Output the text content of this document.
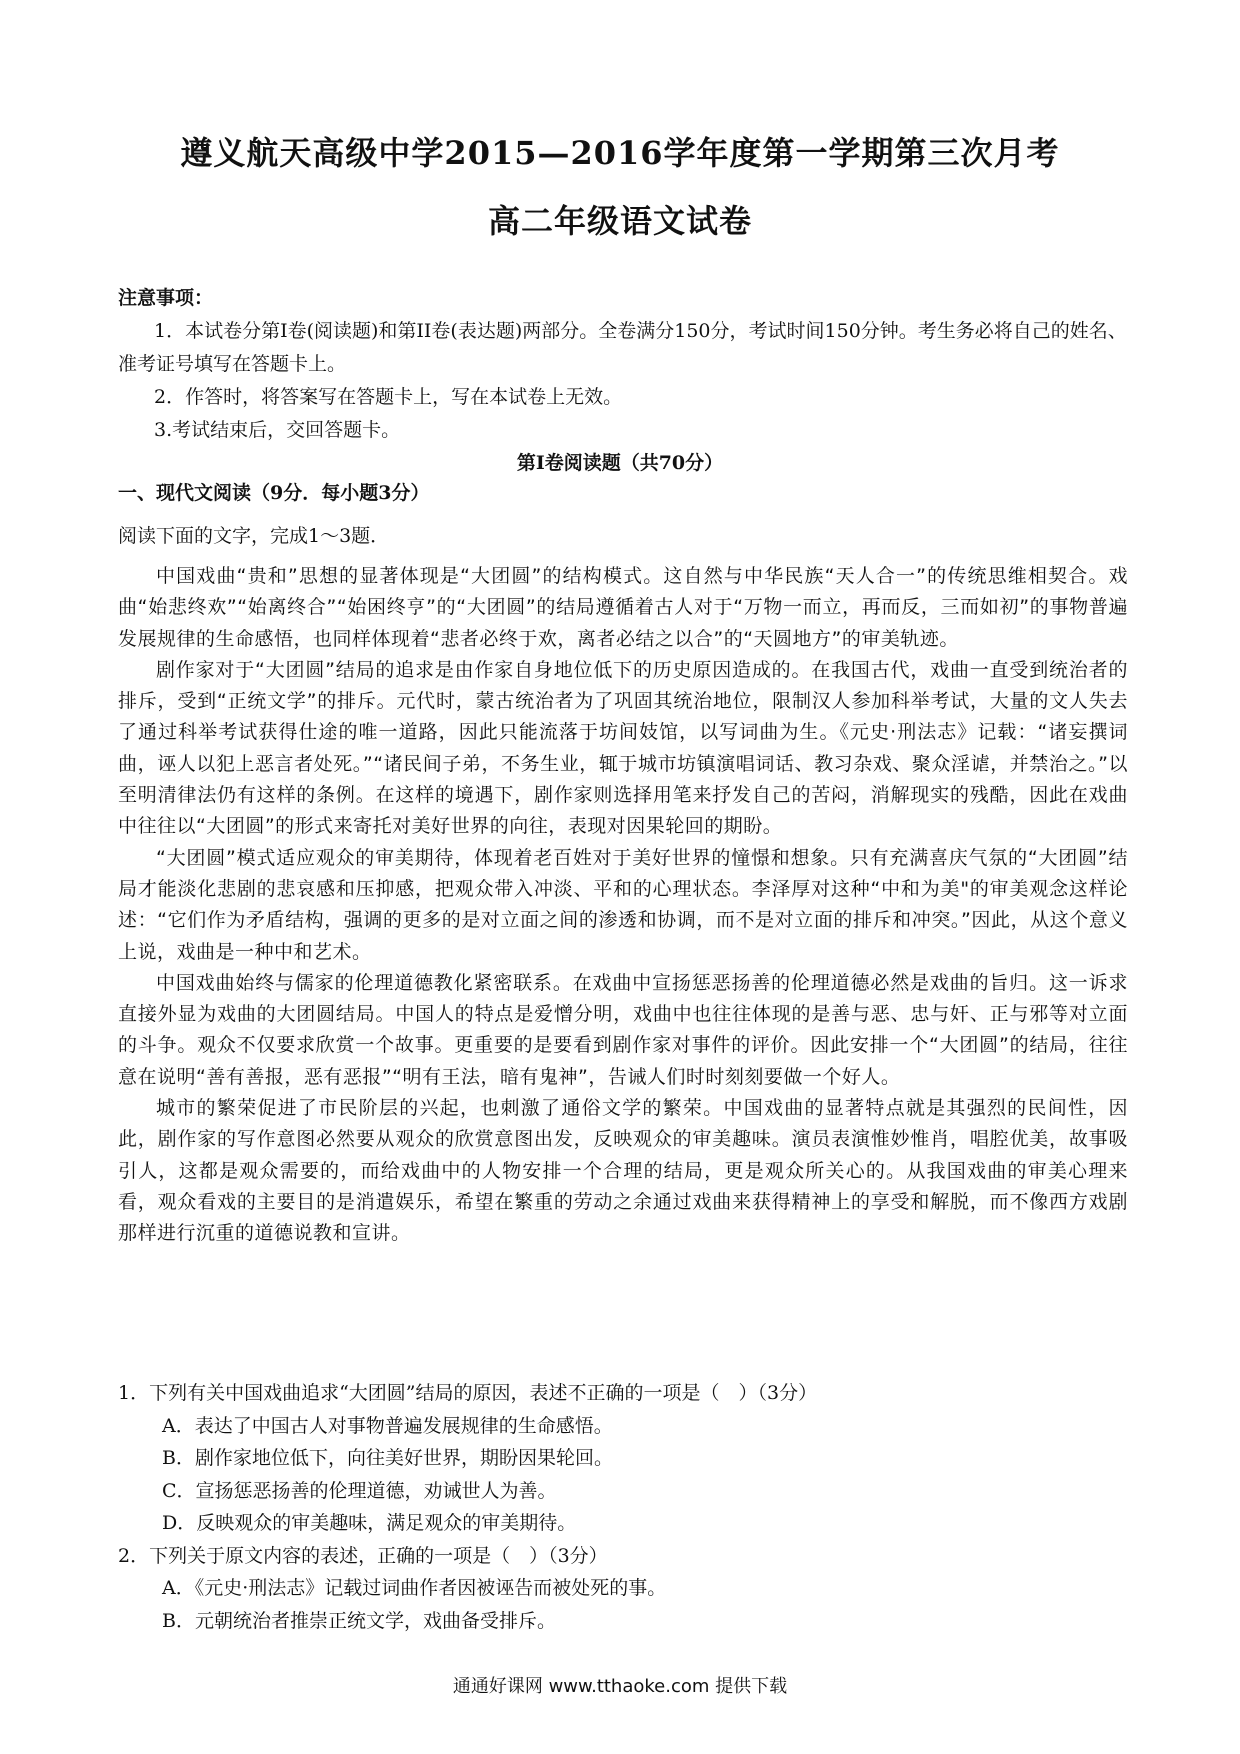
遵义航天高级中学2015—2016学年度第一学期第三次月考
高二年级语文试卷

注意事项：

1．本试卷分第Ⅰ卷(阅读题)和第II卷(表达题)两部分。全卷满分150分，考试时间150分钟。考生务必将自己的姓名、准考证号填写在答题卡上。

2．作答时，将答案写在答题卡上，写在本试卷上无效。

3.考试结束后，交回答题卡。

第Ⅰ卷阅读题（共70分）
一、现代文阅读（9分．每小题3分）
阅读下面的文字，完成1～3题．

中国戏曲“贵和”思想的显著体现是“大团圆”的结构模式。这自然与中华民族“天人合一”的传统思维相契合。戏曲“始悲终欢”“始离终合”“始困终亨”的“大团圆”的结局遵循着古人对于“万物一而立，再而反，三而如初”的事物普遍发展规律的生命感悟，也同样体现着“悲者必终于欢，离者必结之以合”的“天圆地方”的审美轨迹。

剧作家对于“大团圆”结局的追求是由作家自身地位低下的历史原因造成的。在我国古代，戏曲一直受到统治者的排斥，受到“正统文学”的排斥。元代时，蒙古统治者为了巩固其统治地位，限制汉人参加科举考试，大量的文人失去了通过科举考试获得仕途的唯一道路，因此只能流落于坊间妓馆，以写词曲为生。《元史·刑法志》记载：“诸妄撰词曲，诬人以犯上恶言者处死。”“诸民间子弟，不务生业，辄于城市坊镇演唱词话、教习杂戏、聚众淫谑，并禁治之。”以至明清律法仍有这样的条例。在这样的境遇下，剧作家则选择用笔来抒发自己的苦闷，消解现实的残酷，因此在戏曲中往往以“大团圆”的形式来寄托对美好世界的向往，表现对因果轮回的期盼。

“大团圆”模式适应观众的审美期待，体现着老百姓对于美好世界的憧憬和想象。只有充满喜庆气氛的“大团圆”结局才能淡化悲剧的悲哀感和压抑感，把观众带入冲淡、平和的心理状态。李泽厚对这种“中和为美"的审美观念这样论述：“它们作为矛盾结构，强调的更多的是对立面之间的渗透和协调，而不是对立面的排斥和冲突。”因此，从这个意义上说，戏曲是一种中和艺术。

中国戏曲始终与儒家的伦理道德教化紧密联系。在戏曲中宣扬惩恶扬善的伦理道德必然是戏曲的旨归。这一诉求直接外显为戏曲的大团圆结局。中国人的特点是爱憎分明，戏曲中也往往体现的是善与恶、忠与奸、正与邪等对立面的斗争。观众不仅要求欣赏一个故事。更重要的是要看到剧作家对事件的评价。因此安排一个“大团圆”的结局，往往意在说明“善有善报，恶有恶报”“明有王法，暗有鬼神”，告诫人们时时刻刻要做一个好人。

城市的繁荣促进了市民阶层的兴起，也刺激了通俗文学的繁荣。中国戏曲的显著特点就是其强烈的民间性，因此，剧作家的写作意图必然要从观众的欣赏意图出发，反映观众的审美趣味。演员表演惟妙惟肖，唱腔优美，故事吸引人，这都是观众需要的，而给戏曲中的人物安排一个合理的结局，更是观众所关心的。从我国戏曲的审美心理来看，观众看戏的主要目的是消遣娱乐，希望在繁重的劳动之余通过戏曲来获得精神上的享受和解脱，而不像西方戏剧那样进行沉重的道德说教和宣讲。

1．下列有关中国戏曲追求“大团圆”结局的原因，表述不正确的一项是（　）（3分）

A．表达了中国古人对事物普遍发展规律的生命感悟。

B．剧作家地位低下，向往美好世界，期盼因果轮回。

C．宣扬惩恶扬善的伦理道德，劝诫世人为善。

D．反映观众的审美趣味，满足观众的审美期待。

2．下列关于原文内容的表述，正确的一项是（　）（3分）

A．《元史·刑法志》记载过词曲作者因被诬告而被处死的事。

B．元朝统治者推崇正统文学，戏曲备受排斥。

通通好课网 www.tthaoke.com 提供下载
